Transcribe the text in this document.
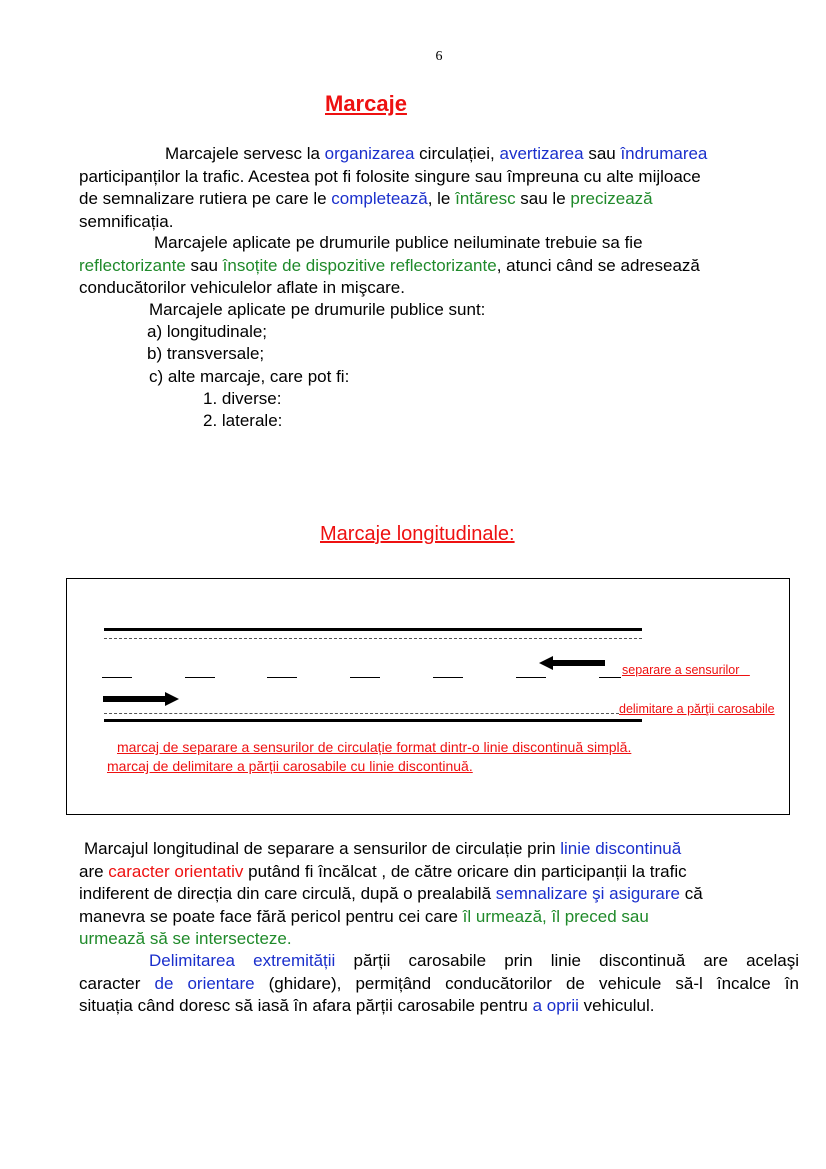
6
Marcaje
Marcajele servesc la organizarea circulației, avertizarea sau îndrumarea
participanților la trafic. Acestea pot fi folosite singure sau împreuna cu alte mijloace
de semnalizare rutiera pe care le completează, le întăresc sau le precizează
semnificația.
Marcajele aplicate pe drumurile publice neiluminate trebuie sa fie
reflectorizante sau însoțite de dispozitive reflectorizante, atunci când se adresează
conducătorilor vehiculelor aflate in mişcare.
Marcajele aplicate pe drumurile publice sunt:
a) longitudinale;
b) transversale;
c) alte marcaje, care pot fi:
1. diverse:
2. laterale:
Marcaje longitudinale:
separare a sensurilor
delimitare a părţii carosabile
marcaj de separare a sensurilor de circulație format dintr-o linie discontinuă simplă.
marcaj de delimitare a părții carosabile cu linie discontinuă.
Marcajul longitudinal de separare a sensurilor de circulație prin linie discontinuă
are caracter orientativ putând fi încălcat , de către oricare din participanții la trafic
indiferent de direcția din care circulă, după o prealabilă semnalizare şi asigurare că
manevra se poate face fără pericol pentru cei care îl urmează, îl preced sau
urmează să se intersecteze.
Delimitarea extremității părții carosabile prin linie discontinuă are acelaşi
caracter de orientare (ghidare), permițând conducătorilor de vehicule să-l încalce în
situația când doresc să iasă în afara părții carosabile pentru a oprii vehiculul.
